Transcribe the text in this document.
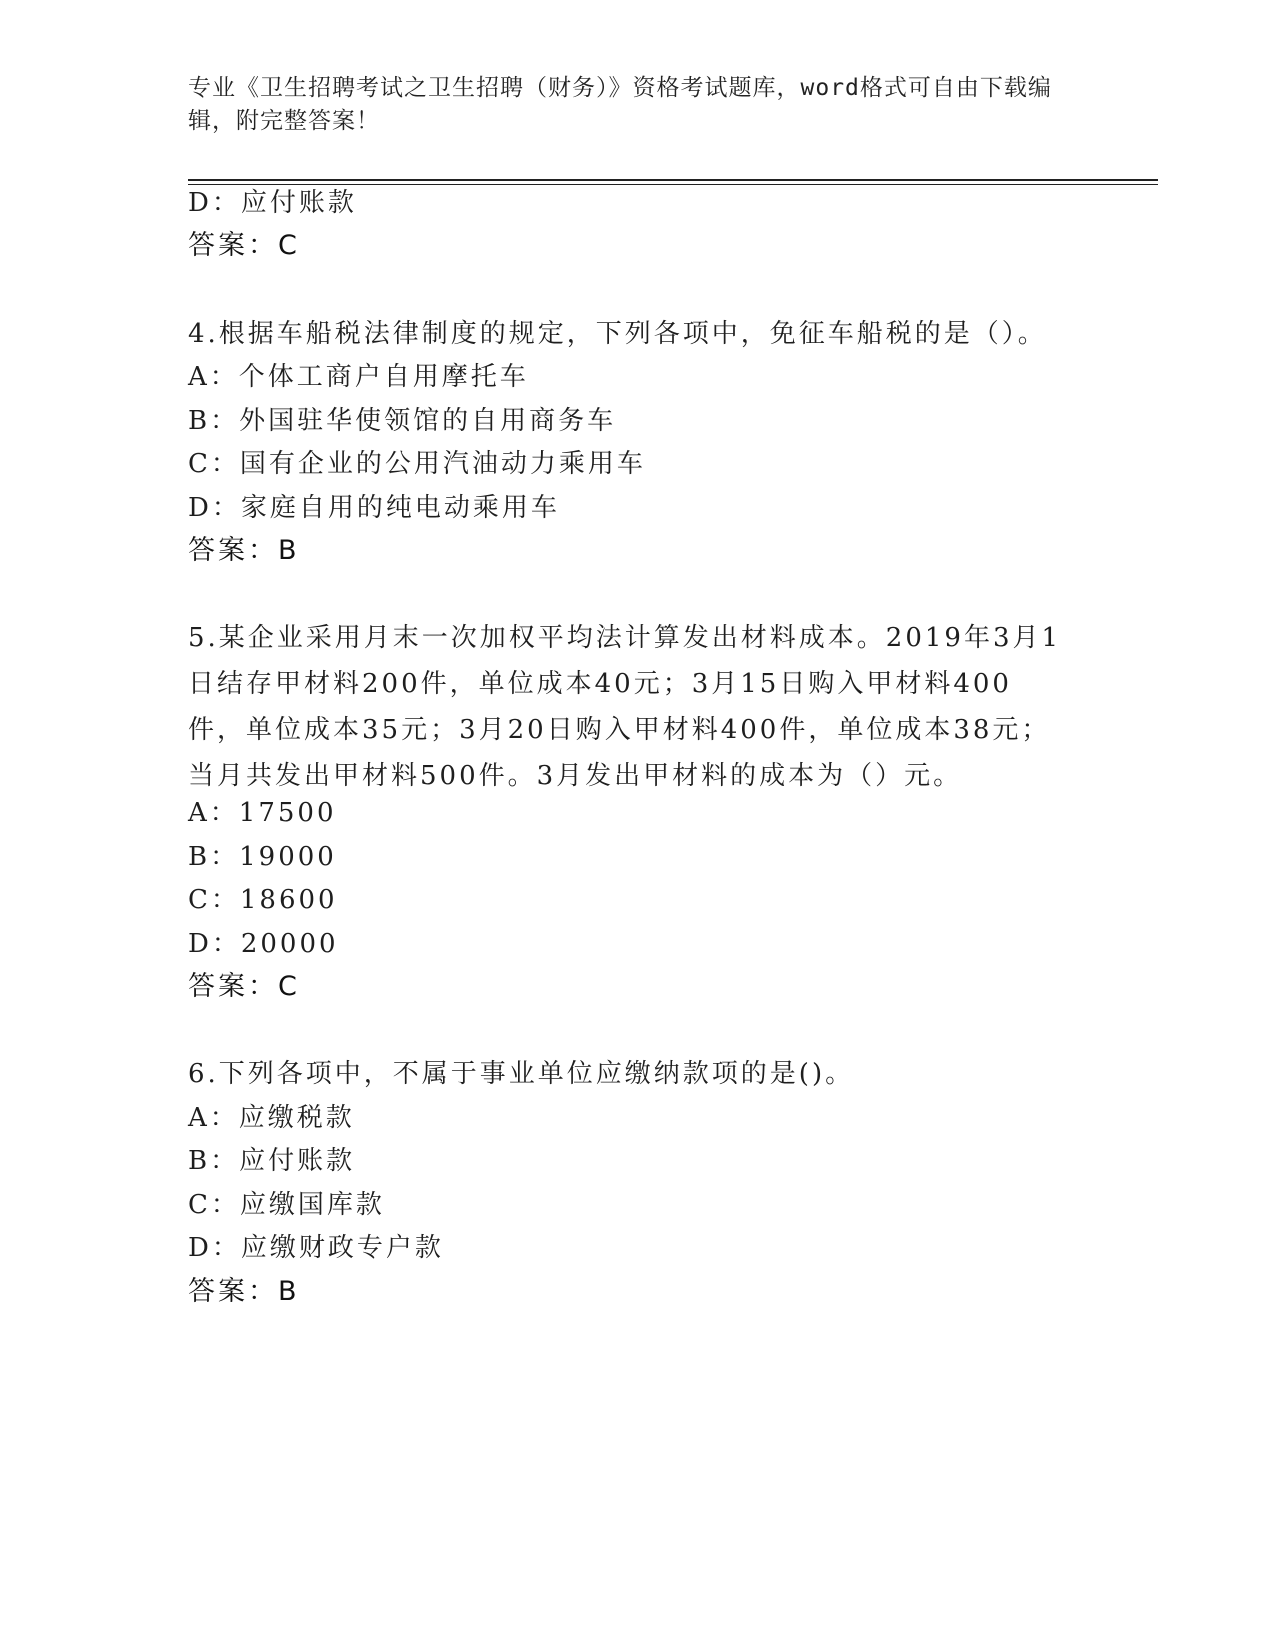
专业《卫生招聘考试之卫生招聘（财务）》资格考试题库，word格式可自由下载编辑，附完整答案！
D：应付账款
答案：C
4.根据车船税法律制度的规定，下列各项中，免征车船税的是（）。
A：个体工商户自用摩托车
B：外国驻华使领馆的自用商务车
C：国有企业的公用汽油动力乘用车
D：家庭自用的纯电动乘用车
答案：B
5.某企业采用月末一次加权平均法计算发出材料成本。2019年3月1日结存甲材料200件，单位成本40元；3月15日购入甲材料400件，单位成本35元；3月20日购入甲材料400件，单位成本38元；当月共发出甲材料500件。3月发出甲材料的成本为（）元。
A：17500
B：19000
C：18600
D：20000
答案：C
6.下列各项中，不属于事业单位应缴纳款项的是()。
A：应缴税款
B：应付账款
C：应缴国库款
D：应缴财政专户款
答案：B
